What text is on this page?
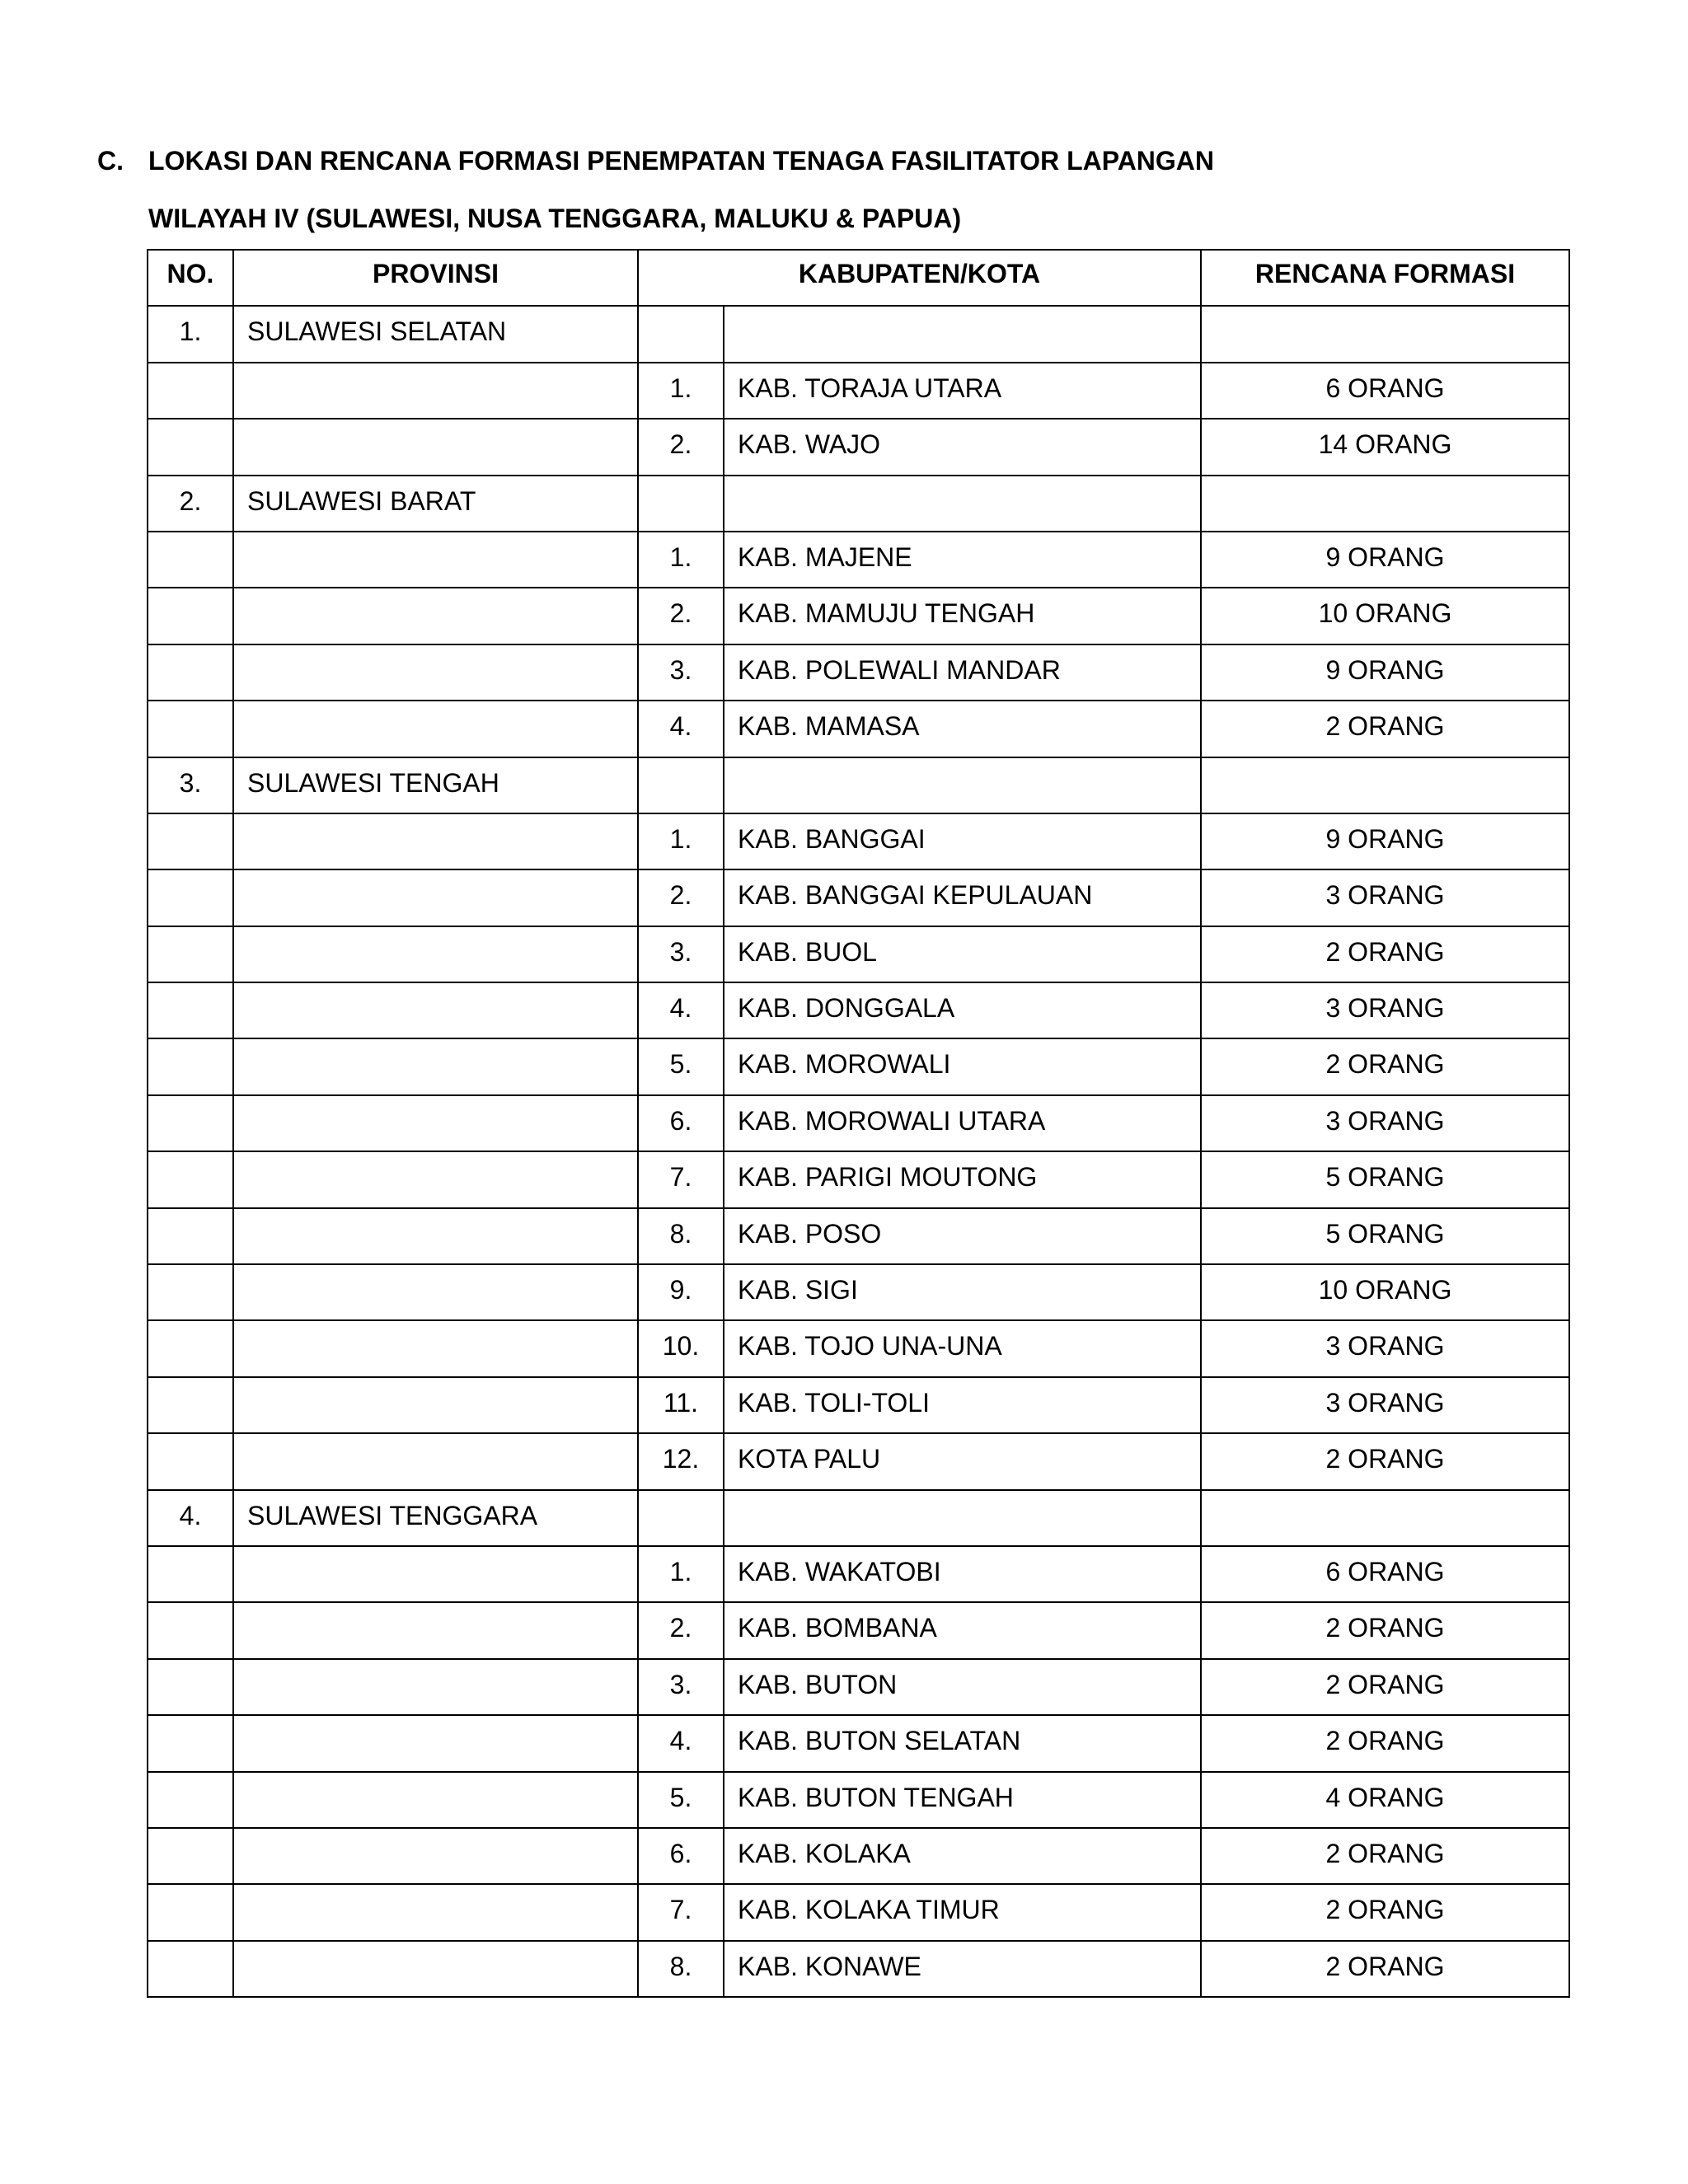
C. LOKASI DAN RENCANA FORMASI PENEMPATAN TENAGA FASILITATOR LAPANGAN
WILAYAH IV (SULAWESI, NUSA TENGGARA, MALUKU & PAPUA)
NO.	PROVINSI	KABUPATEN/KOTA		RENCANA FORMASI
1.	SULAWESI SELATAN			
		1.	KAB. TORAJA UTARA	6 ORANG
		2.	KAB. WAJO	14 ORANG
2.	SULAWESI BARAT			
		1.	KAB. MAJENE	9 ORANG
		2.	KAB. MAMUJU TENGAH	10 ORANG
		3.	KAB. POLEWALI MANDAR	9 ORANG
		4.	KAB. MAMASA	2 ORANG
3.	SULAWESI TENGAH			
		1.	KAB. BANGGAI	9 ORANG
		2.	KAB. BANGGAI KEPULAUAN	3 ORANG
		3.	KAB. BUOL	2 ORANG
		4.	KAB. DONGGALA	3 ORANG
		5.	KAB. MOROWALI	2 ORANG
		6.	KAB. MOROWALI UTARA	3 ORANG
		7.	KAB. PARIGI MOUTONG	5 ORANG
		8.	KAB. POSO	5 ORANG
		9.	KAB. SIGI	10 ORANG
		10.	KAB. TOJO UNA-UNA	3 ORANG
		11.	KAB. TOLI-TOLI	3 ORANG
		12.	KOTA PALU	2 ORANG
4.	SULAWESI TENGGARA			
		1.	KAB. WAKATOBI	6 ORANG
		2.	KAB. BOMBANA	2 ORANG
		3.	KAB. BUTON	2 ORANG
		4.	KAB. BUTON SELATAN	2 ORANG
		5.	KAB. BUTON TENGAH	4 ORANG
		6.	KAB. KOLAKA	2 ORANG
		7.	KAB. KOLAKA TIMUR	2 ORANG
		8.	KAB. KONAWE	2 ORANG
